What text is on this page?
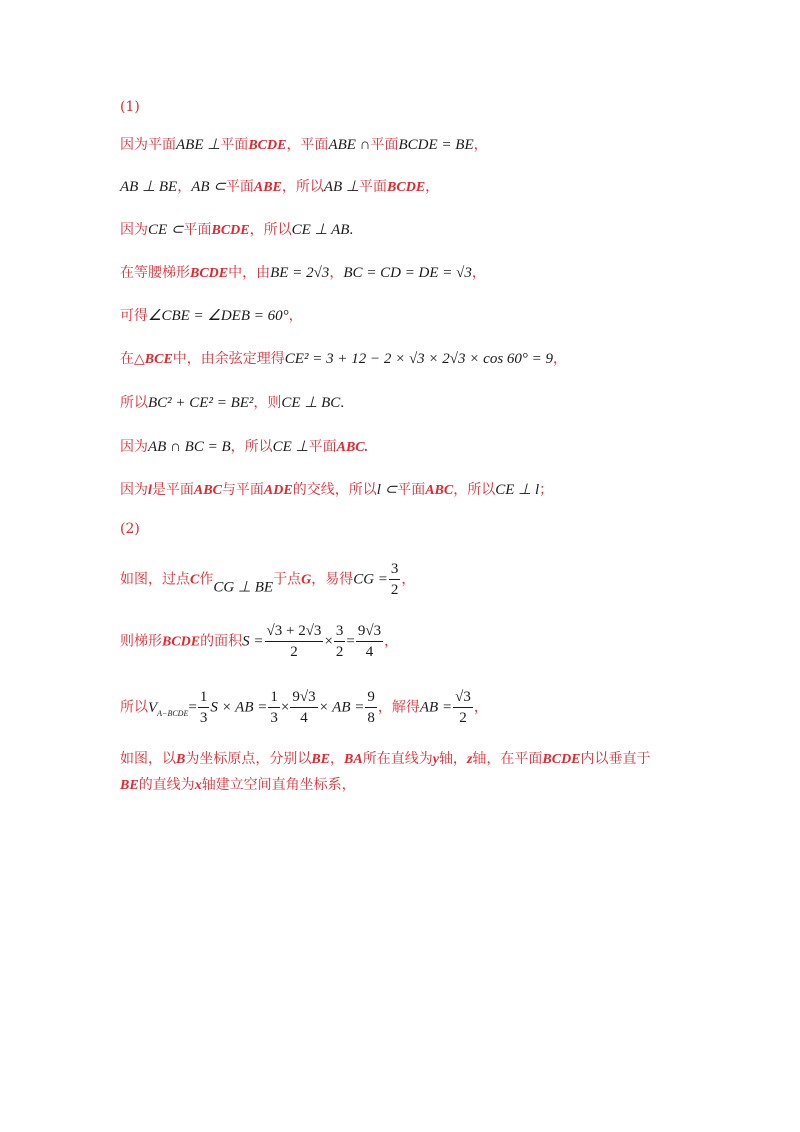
(1)
因为平面ABE ⊥平面BCDE，平面ABE ∩平面BCDE = BE，
AB ⊥ BE，AB ⊂平面ABE，所以AB ⊥平面BCDE，
因为CE ⊂平面BCDE，所以CE ⊥ AB.
在等腰梯形BCDE中，由BE = 2√3，BC = CD = DE = √3，
可得∠CBE = ∠DEB = 60°，
在△BCE中，由余弦定理得CE² = 3 + 12 − 2 × √3 × 2√3 × cos 60° = 9，
所以BC² + CE² = BE²，则CE ⊥ BC.
因为AB ∩ BC = B，所以CE ⊥平面ABC.
因为l是平面ABC与平面ADE的交线，所以l ⊂平面ABC，所以CE ⊥ l；
(2)
如图，过点C作CG ⊥ BE于点G，易得CG = $\frac{3}{2}$ ，
则梯形BCDE的面积$S = \frac{√3 + 2√3}{2} \times \frac{3}{2} = \frac{9√3}{4}$ ，
所以$V_{A-BCDE}= \frac{1}{3}$ S × AB = $\frac{1}{3} \times \frac{9√3}{4}$ × AB = $\frac{9}{8}$ ，解得AB = $\frac{√3}{2}$ ，
如图，以B为坐标原点，分别以BE，BA所在直线为y轴，z轴，在平面BCDE内以垂直于
BE的直线为x轴建立空间直角坐标系，
